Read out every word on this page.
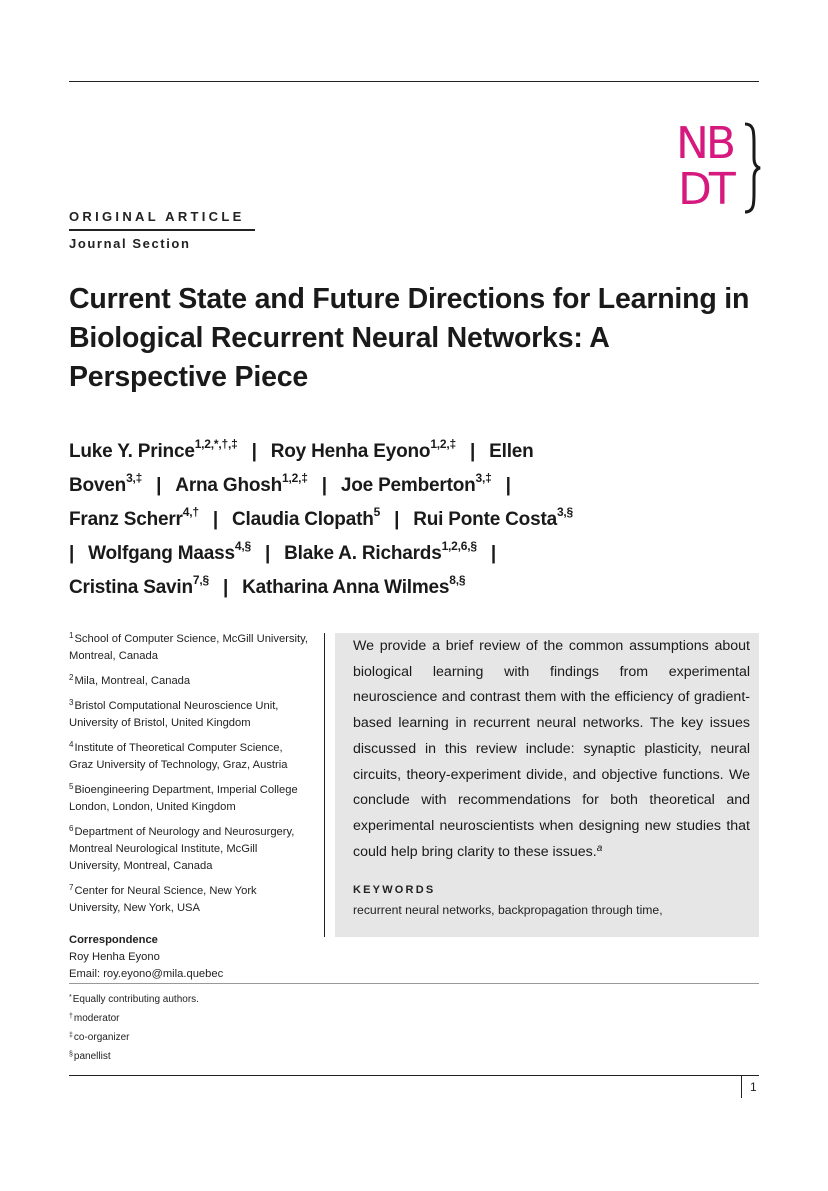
NB
DT
ORIGINAL ARTICLE
Journal Section
Current State and Future Directions for Learning in Biological Recurrent Neural Networks: A Perspective Piece
Luke Y. Prince$^{1,2,*,\dagger,\ddagger}$ | Roy Henha Eyono$^{1,2,\ddagger}$ | Ellen Boven$^{3,\ddagger}$ | Arna Ghosh$^{1,2,\ddagger}$ | Joe Pemberton$^{3,\ddagger}$ |
Franz Scherr$^{4,\dagger}$ | Claudia Clopath$^5$ | Rui Ponte Costa$^{3,\S}$
| Wolfgang Maass$^{4,\S}$ | Blake A. Richards$^{1,2,6,\S}$ |
Cristina Savin$^{7,\S}$ | Katharina Anna Wilmes$^{8,\S}$
$^1$School of Computer Science, McGill University, Montreal, Canada
$^2$Mila, Montreal, Canada
$^3$Bristol Computational Neuroscience Unit, University of Bristol, United Kingdom
$^4$Institute of Theoretical Computer Science, Graz University of Technology, Graz, Austria
$^5$Bioengineering Department, Imperial College London, London, United Kingdom
$^6$Department of Neurology and Neurosurgery, Montreal Neurological Institute, McGill University, Montreal, Canada
$^7$Center for Neural Science, New York University, New York, USA
Correspondence
Roy Henha Eyono
Email: roy.eyono@mila.quebec
*Equally contributing authors.
†moderator
‡co-organizer
§panellist
We provide a brief review of the common assumptions about biological learning with findings from experimental neuroscience and contrast them with the efficiency of gradient-based learning in recurrent neural networks. The key issues discussed in this review include: synaptic plasticity, neural circuits, theory-experiment divide, and objective functions. We conclude with recommendations for both theoretical and experimental neuroscientists when designing new studies that could help bring clarity to these issues.$^a$
KEYWORDS
recurrent neural networks, backpropagation through time,
1
